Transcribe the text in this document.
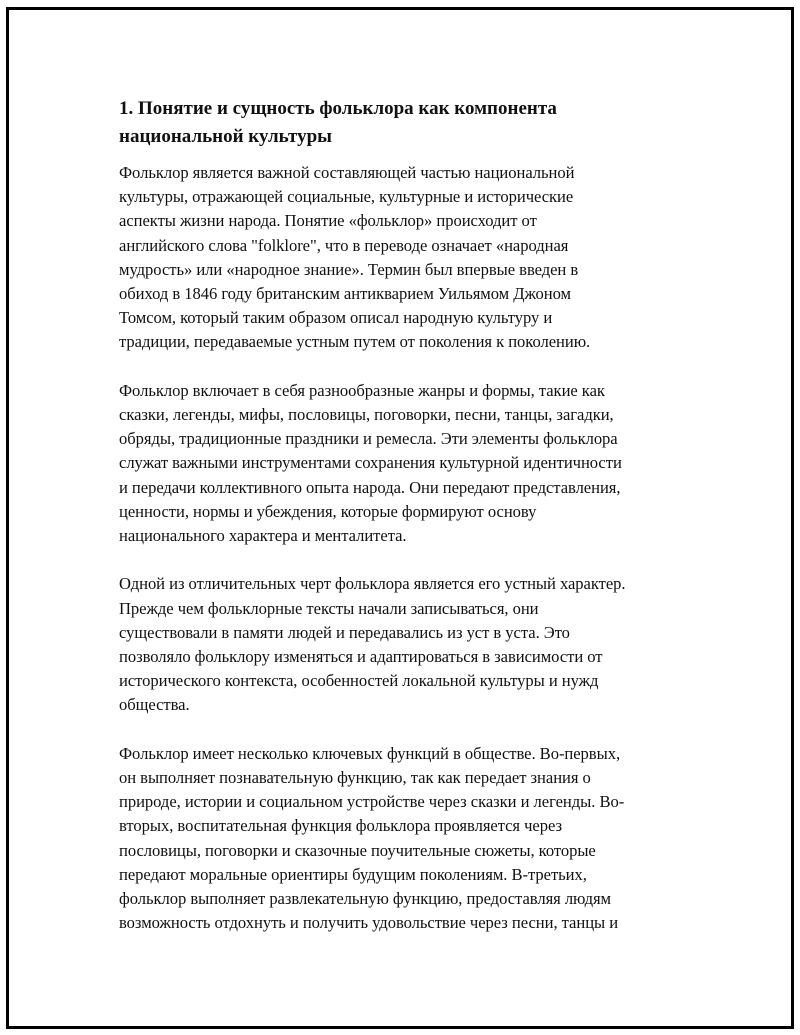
1. Понятие и сущность фольклора как компонента
национальной культуры

Фольклор является важной составляющей частью национальной
культуры, отражающей социальные, культурные и исторические
аспекты жизни народа. Понятие «фольклор» происходит от
английского слова "folklore", что в переводе означает «народная
мудрость» или «народное знание». Термин был впервые введен в
обиход в 1846 году британским антикварием Уильямом Джоном
Томсом, который таким образом описал народную культуру и
традиции, передаваемые устным путем от поколения к поколению.

Фольклор включает в себя разнообразные жанры и формы, такие как
сказки, легенды, мифы, пословицы, поговорки, песни, танцы, загадки,
обряды, традиционные праздники и ремесла. Эти элементы фольклора
служат важными инструментами сохранения культурной идентичности
и передачи коллективного опыта народа. Они передают представления,
ценности, нормы и убеждения, которые формируют основу
национального характера и менталитета.

Одной из отличительных черт фольклора является его устный характер.
Прежде чем фольклорные тексты начали записываться, они
существовали в памяти людей и передавались из уст в уста. Это
позволяло фольклору изменяться и адаптироваться в зависимости от
исторического контекста, особенностей локальной культуры и нужд
общества.

Фольклор имеет несколько ключевых функций в обществе. Во-первых,
он выполняет познавательную функцию, так как передает знания о
природе, истории и социальном устройстве через сказки и легенды. Во-
вторых, воспитательная функция фольклора проявляется через
пословицы, поговорки и сказочные поучительные сюжеты, которые
передают моральные ориентиры будущим поколениям. В-третьих,
фольклор выполняет развлекательную функцию, предоставляя людям
возможность отдохнуть и получить удовольствие через песни, танцы и
